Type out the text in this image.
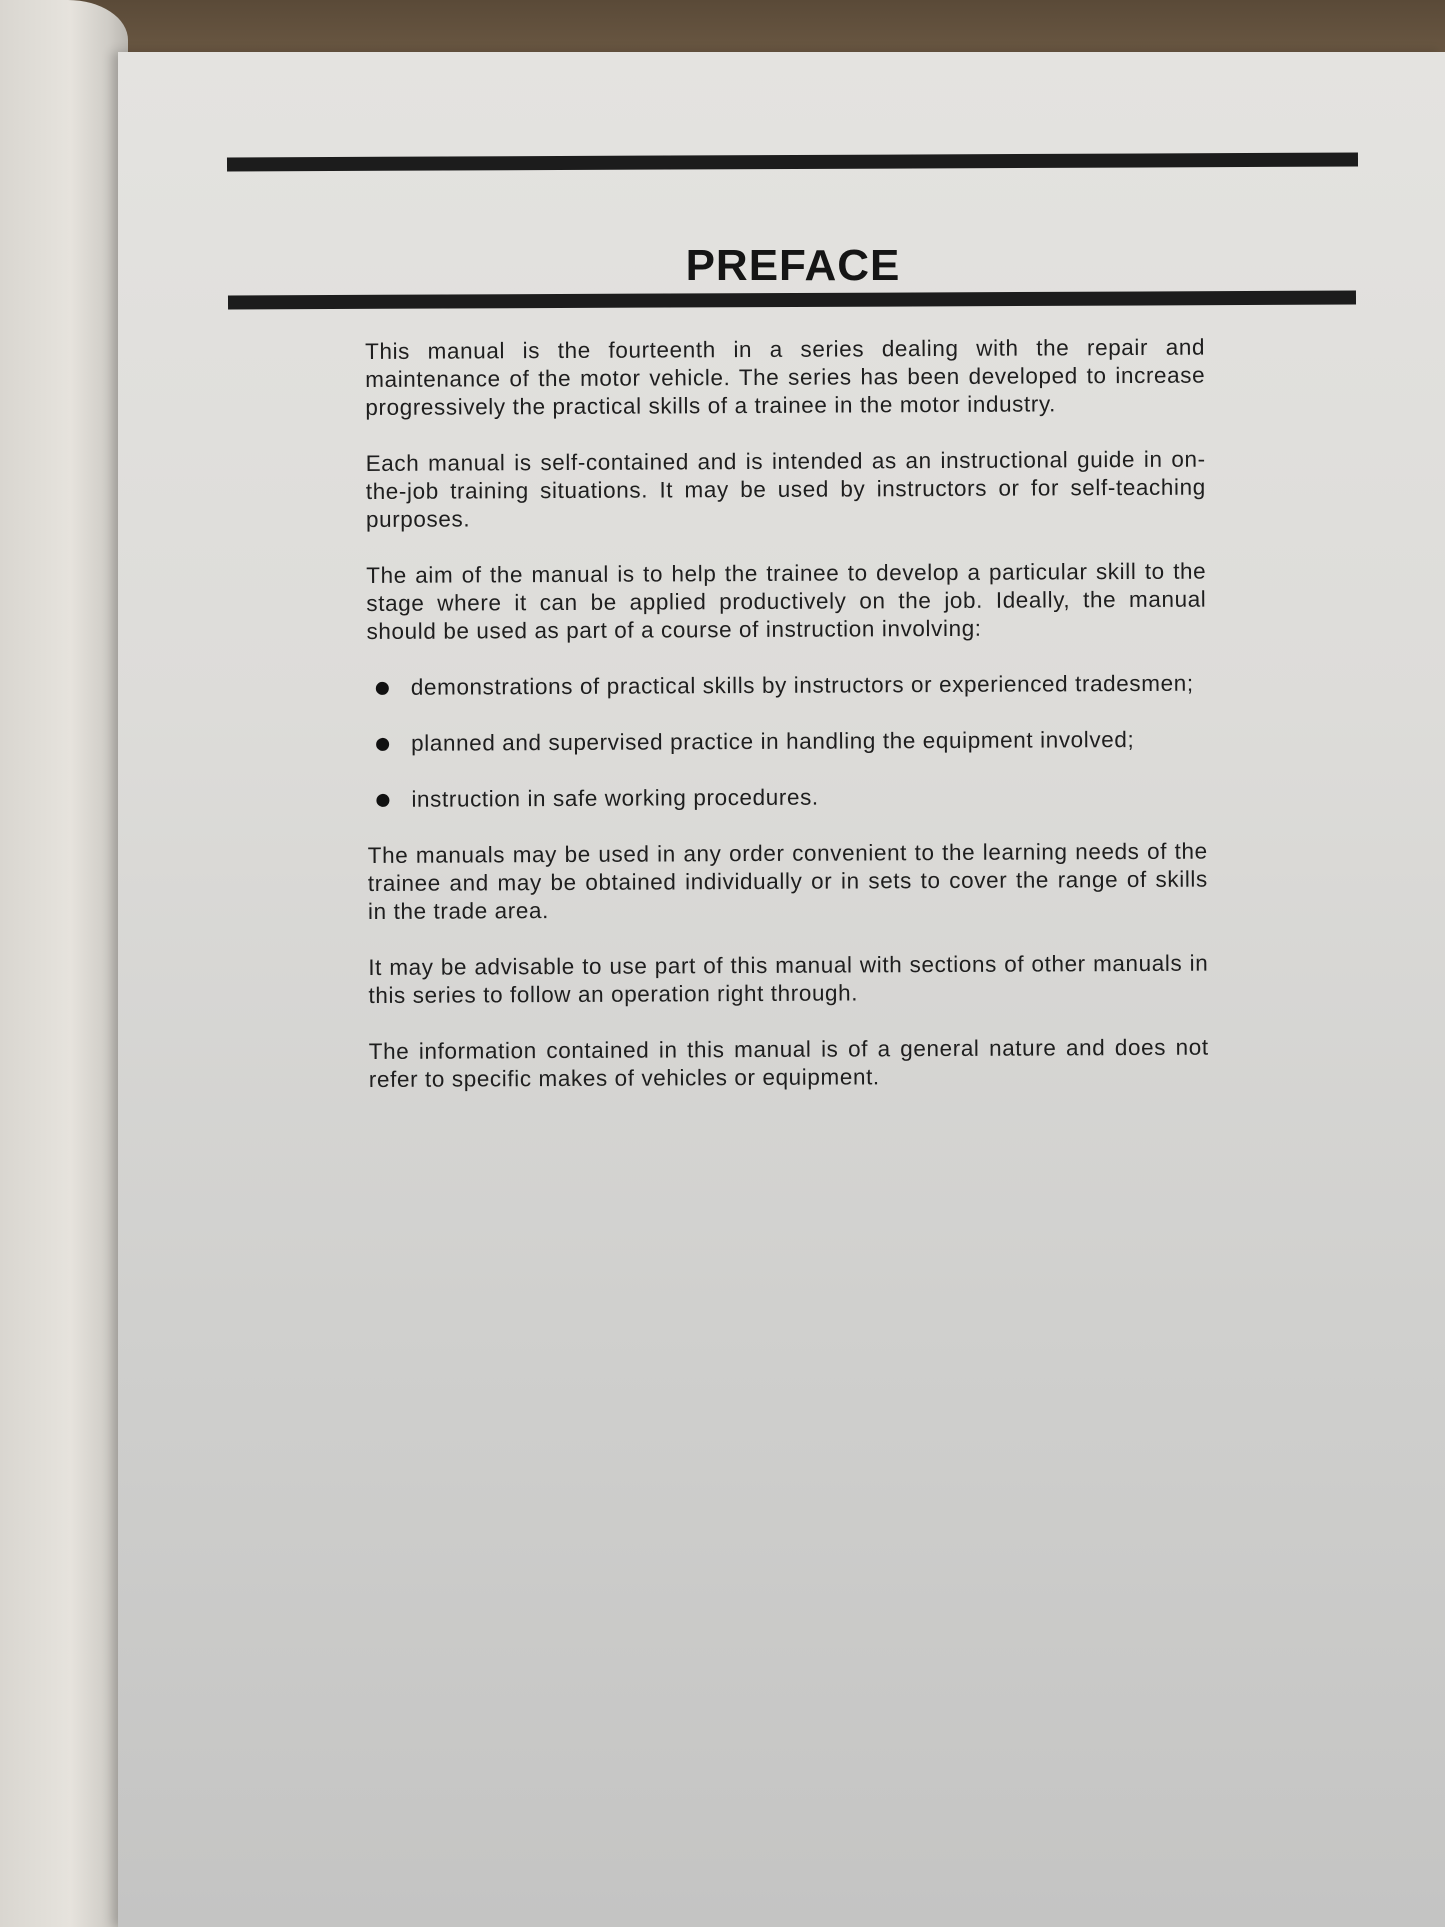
PREFACE

This manual is the fourteenth in a series dealing with the repair and maintenance of the motor vehicle. The series has been developed to increase progressively the practical skills of a trainee in the motor industry.

Each manual is self-contained and is intended as an instructional guide in on-the-job training situations. It may be used by instructors or for self-teaching purposes.

The aim of the manual is to help the trainee to develop a particular skill to the stage where it can be applied productively on the job. Ideally, the manual should be used as part of a course of instruction involving:

demonstrations of practical skills by instructors or experienced tradesmen;
planned and supervised practice in handling the equipment involved;
instruction in safe working procedures.

The manuals may be used in any order convenient to the learning needs of the trainee and may be obtained individually or in sets to cover the range of skills in the trade area.

It may be advisable to use part of this manual with sections of other manuals in this series to follow an operation right through.

The information contained in this manual is of a general nature and does not refer to specific makes of vehicles or equipment.
